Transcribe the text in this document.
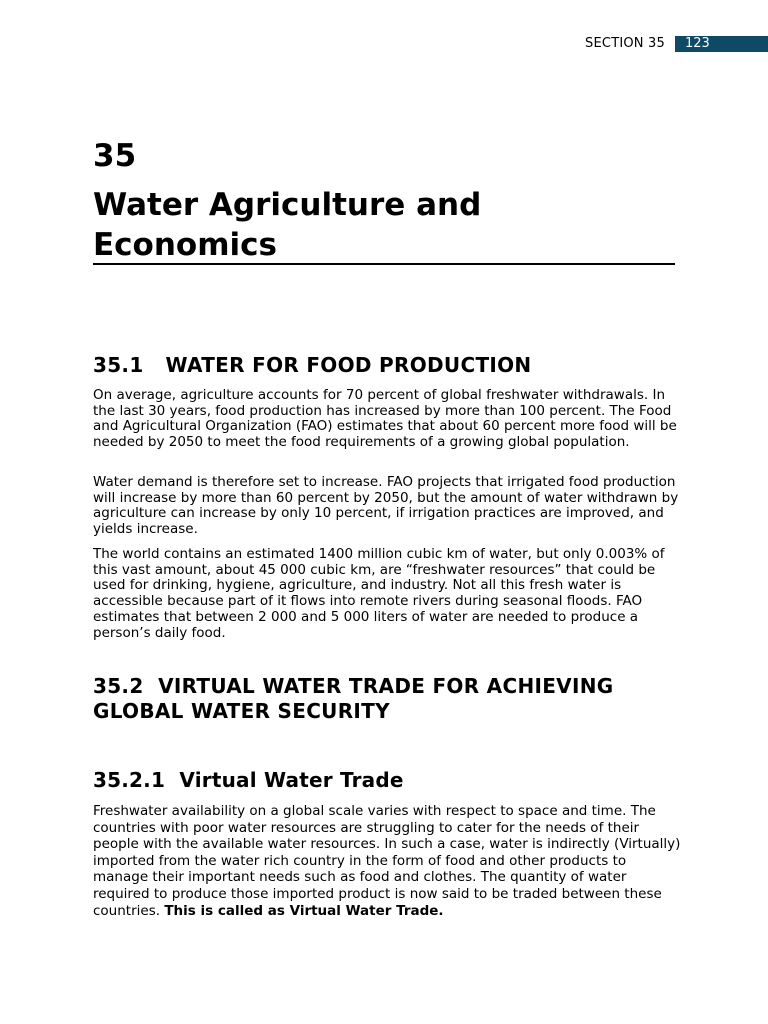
SECTION 35	123
35
Water Agriculture and Economics
35.1 WATER FOR FOOD PRODUCTION

On average, agriculture accounts for 70 percent of global freshwater withdrawals. In the last 30 years, food production has increased by more than 100 percent. The Food and Agricultural Organization (FAO) estimates that about 60 percent more food will be needed by 2050 to meet the food requirements of a growing global population.

Water demand is therefore set to increase. FAO projects that irrigated food production will increase by more than 60 percent by 2050, but the amount of water withdrawn by agriculture can increase by only 10 percent, if irrigation practices are improved, and yields increase.

The world contains an estimated 1400 million cubic km of water, but only 0.003% of this vast amount, about 45 000 cubic km, are “freshwater resources” that could be used for drinking, hygiene, agriculture, and industry. Not all this fresh water is accessible because part of it flows into remote rivers during seasonal floods. FAO estimates that between 2 000 and 5 000 liters of water are needed to produce a person’s daily food.

35.2 VIRTUAL WATER TRADE FOR ACHIEVING GLOBAL WATER SECURITY
35.2.1 Virtual Water Trade

Freshwater availability on a global scale varies with respect to space and time. The countries with poor water resources are struggling to cater for the needs of their people with the available water resources. In such a case, water is indirectly (Virtually) imported from the water rich country in the form of food and other products to manage their important needs such as food and clothes. The quantity of water required to produce those imported product is now said to be traded between these countries. This is called as Virtual Water Trade.
